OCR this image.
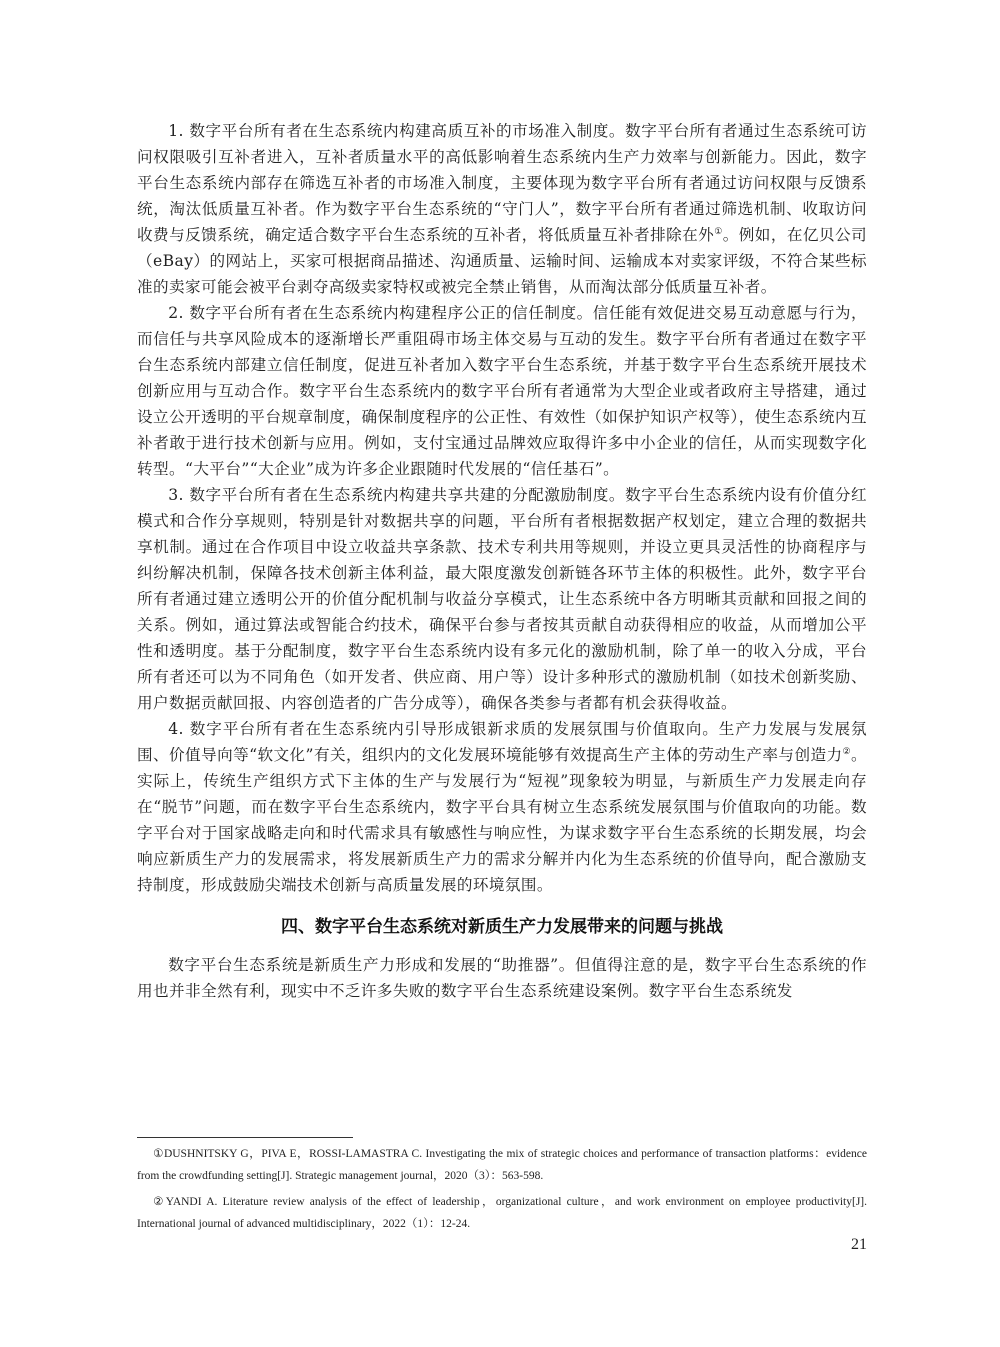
1. 数字平台所有者在生态系统内构建高质互补的市场准入制度。数字平台所有者通过生态系统可访问权限吸引互补者进入，互补者质量水平的高低影响着生态系统内生产力效率与创新能力。因此，数字平台生态系统内部存在筛选互补者的市场准入制度，主要体现为数字平台所有者通过访问权限与反馈系统，淘汰低质量互补者。作为数字平台生态系统的“守门人”，数字平台所有者通过筛选机制、收取访问收费与反馈系统，确定适合数字平台生态系统的互补者，将低质量互补者排除在外①。例如，在亿贝公司（eBay）的网站上，买家可根据商品描述、沟通质量、运输时间、运输成本对卖家评级，不符合某些标准的卖家可能会被平台剥夺高级卖家特权或被完全禁止销售，从而淘汰部分低质量互补者。

2. 数字平台所有者在生态系统内构建程序公正的信任制度。信任能有效促进交易互动意愿与行为，而信任与共享风险成本的逐渐增长严重阻碍市场主体交易与互动的发生。数字平台所有者通过在数字平台生态系统内部建立信任制度，促进互补者加入数字平台生态系统，并基于数字平台生态系统开展技术创新应用与互动合作。数字平台生态系统内的数字平台所有者通常为大型企业或者政府主导搭建，通过设立公开透明的平台规章制度，确保制度程序的公正性、有效性（如保护知识产权等），使生态系统内互补者敢于进行技术创新与应用。例如，支付宝通过品牌效应取得许多中小企业的信任，从而实现数字化转型。“大平台”“大企业”成为许多企业跟随时代发展的“信任基石”。

3. 数字平台所有者在生态系统内构建共享共建的分配激励制度。数字平台生态系统内设有价值分红模式和合作分享规则，特别是针对数据共享的问题，平台所有者根据数据产权划定，建立合理的数据共享机制。通过在合作项目中设立收益共享条款、技术专利共用等规则，并设立更具灵活性的协商程序与纠纷解决机制，保障各技术创新主体利益，最大限度激发创新链各环节主体的积极性。此外，数字平台所有者通过建立透明公开的价值分配机制与收益分享模式，让生态系统中各方明晰其贡献和回报之间的关系。例如，通过算法或智能合约技术，确保平台参与者按其贡献自动获得相应的收益，从而增加公平性和透明度。基于分配制度，数字平台生态系统内设有多元化的激励机制，除了单一的收入分成，平台所有者还可以为不同角色（如开发者、供应商、用户等）设计多种形式的激励机制（如技术创新奖励、用户数据贡献回报、内容创造者的广告分成等），确保各类参与者都有机会获得收益。

4. 数字平台所有者在生态系统内引导形成银新求质的发展氛围与价值取向。生产力发展与发展氛围、价值导向等“软文化”有关，组织内的文化发展环境能够有效提高生产主体的劳动生产率与创造力②。实际上，传统生产组织方式下主体的生产与发展行为“短视”现象较为明显，与新质生产力发展走向存在“脱节”问题，而在数字平台生态系统内，数字平台具有树立生态系统发展氛围与价值取向的功能。数字平台对于国家战略走向和时代需求具有敏感性与响应性，为谋求数字平台生态系统的长期发展，均会响应新质生产力的发展需求，将发展新质生产力的需求分解并内化为生态系统的价值导向，配合激励支持制度，形成鼓励尖端技术创新与高质量发展的环境氛围。

四、数字平台生态系统对新质生产力发展带来的问题与挑战

数字平台生态系统是新质生产力形成和发展的“助推器”。但值得注意的是，数字平台生态系统的作用也并非全然有利，现实中不乏许多失败的数字平台生态系统建设案例。数字平台生态系统发

①DUSHNITSKY G，PIVA E，ROSSI-LAMASTRA C. Investigating the mix of strategic choices and performance of transaction platforms：evidence from the crowdfunding setting[J]. Strategic management journal，2020（3）：563-598.

②YANDI A. Literature review analysis of the effect of leadership，organizational culture，and work environment on employee productivity[J]. International journal of advanced multidisciplinary，2022（1）：12-24.

21
